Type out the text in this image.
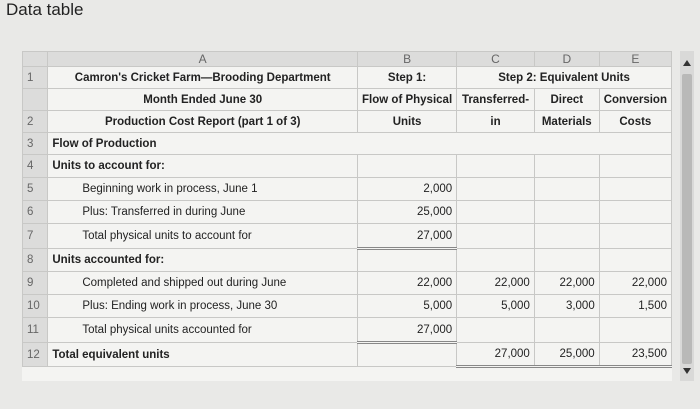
Data table
	A	B	C	D	E
1	Camron's Cricket Farm—Brooding Department	Step 1:	Step 2: Equivalent Units		
	Month Ended June 30	Flow of Physical	Transferred-	Direct	Conversion
2	Production Cost Report (part 1 of 3)	Units	in	Materials	Costs
3	Flow of Production				
4	Units to account for:				
5	Beginning work in process, June 1	2,000			
6	Plus: Transferred in during June	25,000			
7	Total physical units to account for	27,000			
8	Units accounted for:				
9	Completed and shipped out during June	22,000	22,000	22,000	22,000
10	Plus: Ending work in process, June 30	5,000	5,000	3,000	1,500
11	Total physical units accounted for	27,000			
12	Total equivalent units		27,000	25,000	23,500
